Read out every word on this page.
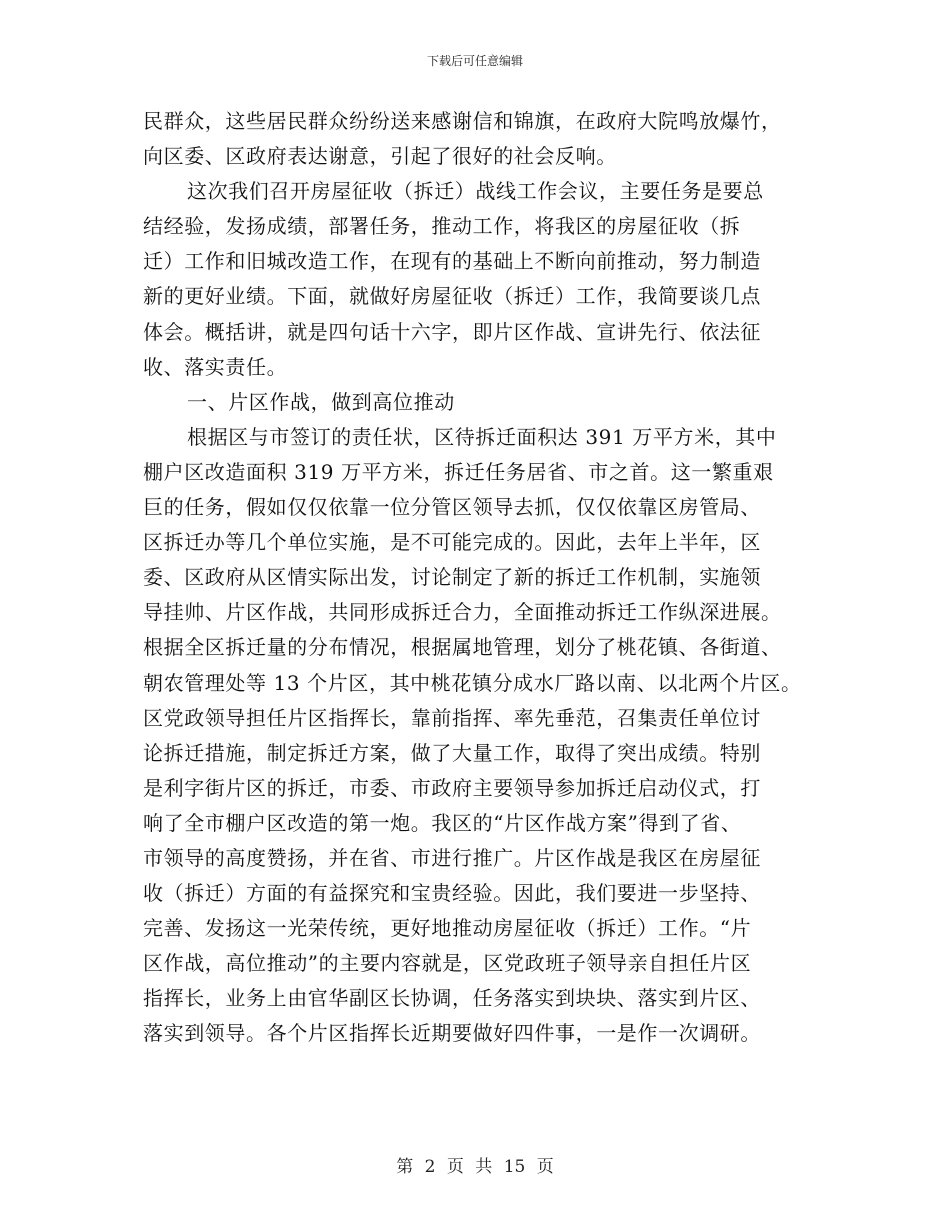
下载后可任意编辑
民群众，这些居民群众纷纷送来感谢信和锦旗，在政府大院鸣放爆竹，
向区委、区政府表达谢意，引起了很好的社会反响。
这次我们召开房屋征收（拆迁）战线工作会议，主要任务是要总
结经验，发扬成绩，部署任务，推动工作，将我区的房屋征收（拆
迁）工作和旧城改造工作，在现有的基础上不断向前推动，努力制造
新的更好业绩。下面，就做好房屋征收（拆迁）工作，我简要谈几点
体会。概括讲，就是四句话十六字，即片区作战、宣讲先行、依法征
收、落实责任。
一、片区作战，做到高位推动
根据区与市签订的责任状，区待拆迁面积达 391 万平方米，其中
棚户区改造面积 319 万平方米，拆迁任务居省、市之首。这一繁重艰
巨的任务，假如仅仅依靠一位分管区领导去抓，仅仅依靠区房管局、
区拆迁办等几个单位实施，是不可能完成的。因此，去年上半年，区
委、区政府从区情实际出发，讨论制定了新的拆迁工作机制，实施领
导挂帅、片区作战，共同形成拆迁合力，全面推动拆迁工作纵深进展。
根据全区拆迁量的分布情况，根据属地管理，划分了桃花镇、各街道、
朝农管理处等 13 个片区，其中桃花镇分成水厂路以南、以北两个片区。
区党政领导担任片区指挥长，靠前指挥、率先垂范，召集责任单位讨
论拆迁措施，制定拆迁方案，做了大量工作，取得了突出成绩。特别
是利字街片区的拆迁，市委、市政府主要领导参加拆迁启动仪式，打
响了全市棚户区改造的第一炮。我区的“片区作战方案”得到了省、
市领导的高度赞扬，并在省、市进行推广。片区作战是我区在房屋征
收（拆迁）方面的有益探究和宝贵经验。因此，我们要进一步坚持、
完善、发扬这一光荣传统，更好地推动房屋征收（拆迁）工作。“片
区作战，高位推动”的主要内容就是，区党政班子领导亲自担任片区
指挥长，业务上由官华副区长协调，任务落实到块块、落实到片区、
落实到领导。各个片区指挥长近期要做好四件事，一是作一次调研。
第 2 页 共 15 页
